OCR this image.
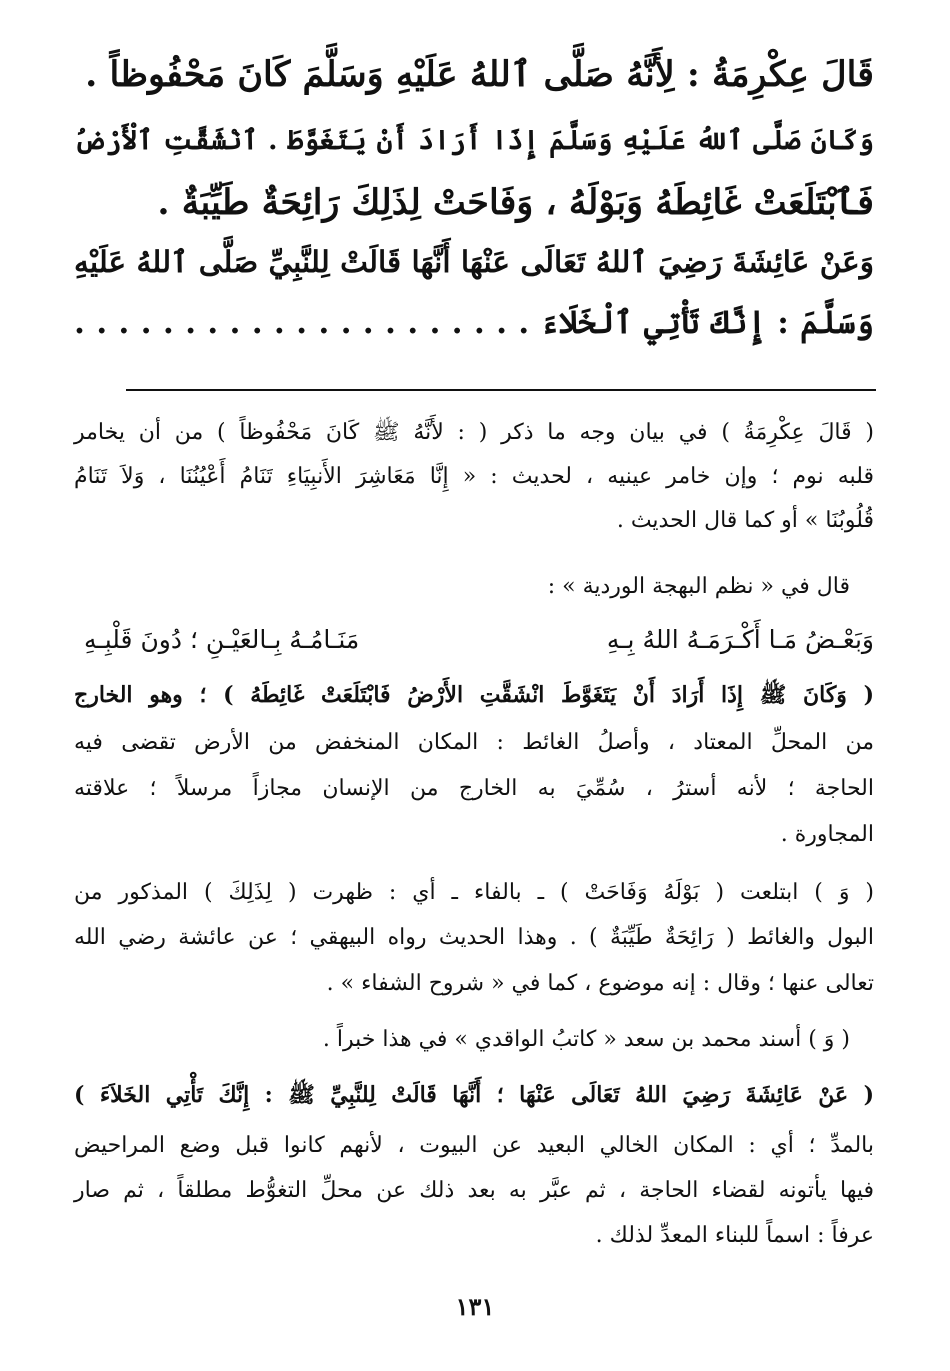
قَالَ عِكْرِمَةُ : لِأَنَّهُ صَلَّى ٱللهُ عَلَيْهِ وَسَلَّمَ كَانَ مَحْفُوظاً .
وَكَانَ صَلَّى ٱللهُ عَلَيْهِ وَسَلَّمَ إِذَا أَرَادَ أَنْ يَتَغَوَّطَ . ٱنْشَقَّتِ ٱلْأَرْضُ
فَٱبْتَلَعَتْ غَائِطَهُ وَبَوْلَهُ ، وَفَاحَتْ لِذَلِكَ رَائِحَةٌ طَيِّبَةٌ .
وَعَنْ عَائِشَةَ رَضِيَ ٱللهُ تَعَالَى عَنْهَا أَنَّهَا قَالَتْ لِلنَّبِيِّ صَلَّى ٱللهُ عَلَيْهِ
وَسَلَّمَ : إِنَّكَ تَأْتِي ٱلْخَلَاءَ . . . . . . . . . . . . . . . . . . . . .
( قَالَ عِكْرِمَةُ ) في بيان وجه ما ذكر ( : لأَنَّهُ ﷺ كَانَ مَحْفُوظاً ) من أن يخامر
قلبه نوم ؛ وإن خامر عينيه ، لحديث : « إِنَّا مَعَاشِرَ الأَنبِيَاءِ تَنَامُ أَعْيُنُنَا ، وَلاَ تَنَامُ
قُلُوبُنَا » أو كما قال الحديث .
قال في « نظم البهجة الوردية » :
وَبَعْـضُ مَـا أَكْـرَمَـهُ اللهُ بِـهِ
مَنَـامُـهُ بِـالعَيْـنِ ؛ دُونَ قَلْبِـهِ
( وَكَانَ ﷺ إِذَا أَرَادَ أَنْ يَتَغَوَّطَ انْشَقَّتِ الأَرْضُ فَابْتَلَعَتْ غَائِطَهُ ) ؛ وهو الخارج
من المحلِّ المعتاد ، وأصلُ الغائط : المكان المنخفض من الأرض تقضى فيه
الحاجة ؛ لأنه أسترُ ، سُمِّيَ به الخارج من الإنسان مجازاً مرسلاً ؛ علاقته
المجاورة .
( وَ ) ابتلعت ( بَوْلَهُ وَفَاحَتْ ) ـ بالفاء ـ أي : ظهرت ( لِذَلِكَ ) المذكور من
البول والغائط ( رَائِحَةٌ طَيِّبَةٌ ) . وهذا الحديث رواه البيهقي ؛ عن عائشة رضي الله
تعالى عنها ؛ وقال : إنه موضوع ، كما في « شروح الشفاء » .
( وَ ) أسند محمد بن سعد « كاتبُ الواقدي » في هذا خبراً .
( عَنْ عَائِشَةَ رَضِيَ اللهُ تَعَالَى عَنْهَا ؛ أَنَّهَا قَالَتْ لِلنَّبِيِّ ﷺ : إِنَّكَ تَأْتِي الخَلاَءَ )
بالمدِّ ؛ أي : المكان الخالي البعيد عن البيوت ، لأنهم كانوا قبل وضع المراحيض
فيها يأتونه لقضاء الحاجة ، ثم عبَّر به بعد ذلك عن محلِّ التغوُّط مطلقاً ، ثم صار
عرفاً : اسماً للبناء المعدِّ لذلك .
١٣١
